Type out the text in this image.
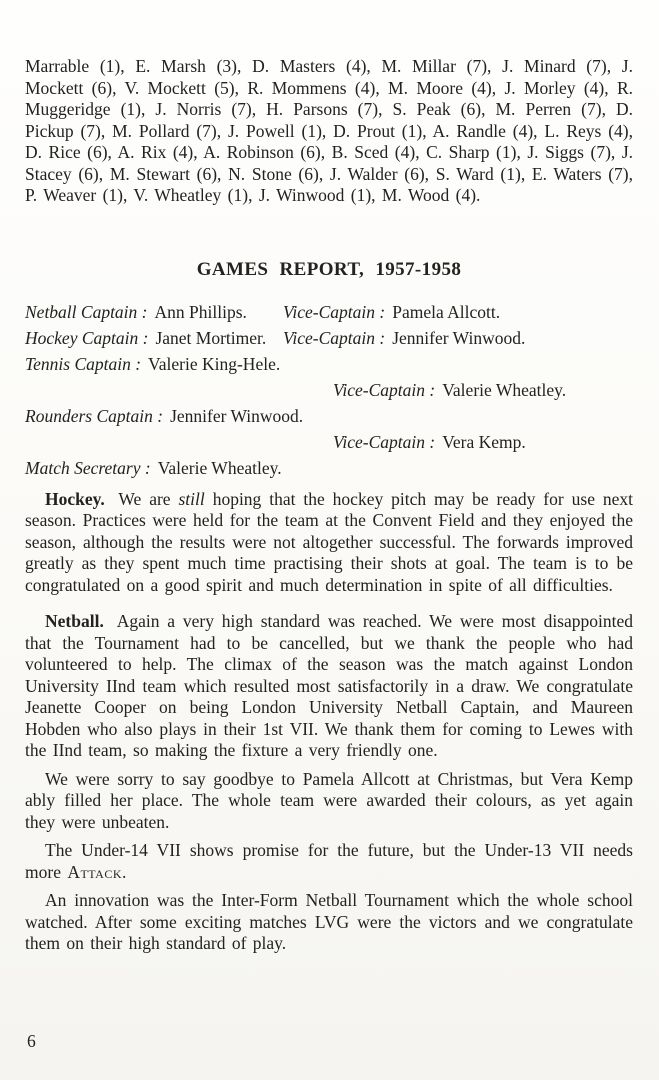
Marrable (1), E. Marsh (3), D. Masters (4), M. Millar (7), J. Minard (7), J. Mockett (6), V. Mockett (5), R. Mommens (4), M. Moore (4), J. Morley (4), R. Muggeridge (1), J. Norris (7), H. Parsons (7), S. Peak (6), M. Perren (7), D. Pickup (7), M. Pollard (7), J. Powell (1), D. Prout (1), A. Randle (4), L. Reys (4), D. Rice (6), A. Rix (4), A. Robinson (6), B. Sced (4), C. Sharp (1), J. Siggs (7), J. Stacey (6), M. Stewart (6), N. Stone (6), J. Walder (6), S. Ward (1), E. Waters (7), P. Weaver (1), V. Wheatley (1), J. Winwood (1), M. Wood (4).

GAMES REPORT, 1957-1958
Netball Captain : Ann Phillips. Vice-Captain : Pamela Allcott.
Hockey Captain : Janet Mortimer. Vice-Captain : Jennifer Winwood.
Tennis Captain : Valerie King-Hele.
Vice-Captain : Valerie Wheatley.
Rounders Captain : Jennifer Winwood.
Vice-Captain : Vera Kemp.
Match Secretary : Valerie Wheatley.

Hockey. We are still hoping that the hockey pitch may be ready for use next season. Practices were held for the team at the Convent Field and they enjoyed the season, although the results were not altogether successful. The forwards improved greatly as they spent much time practising their shots at goal. The team is to be congratulated on a good spirit and much determination in spite of all difficulties.

Netball. Again a very high standard was reached. We were most disappointed that the Tournament had to be cancelled, but we thank the people who had volunteered to help. The climax of the season was the match against London University IInd team which resulted most satisfactorily in a draw. We congratulate Jeanette Cooper on being London University Netball Captain, and Maureen Hobden who also plays in their 1st VII. We thank them for coming to Lewes with the IInd team, so making the fixture a very friendly one.

We were sorry to say goodbye to Pamela Allcott at Christmas, but Vera Kemp ably filled her place. The whole team were awarded their colours, as yet again they were unbeaten.

The Under-14 VII shows promise for the future, but the Under-13 VII needs more Attack.

An innovation was the Inter-Form Netball Tournament which the whole school watched. After some exciting matches LVG were the victors and we congratulate them on their high standard of play.

6
